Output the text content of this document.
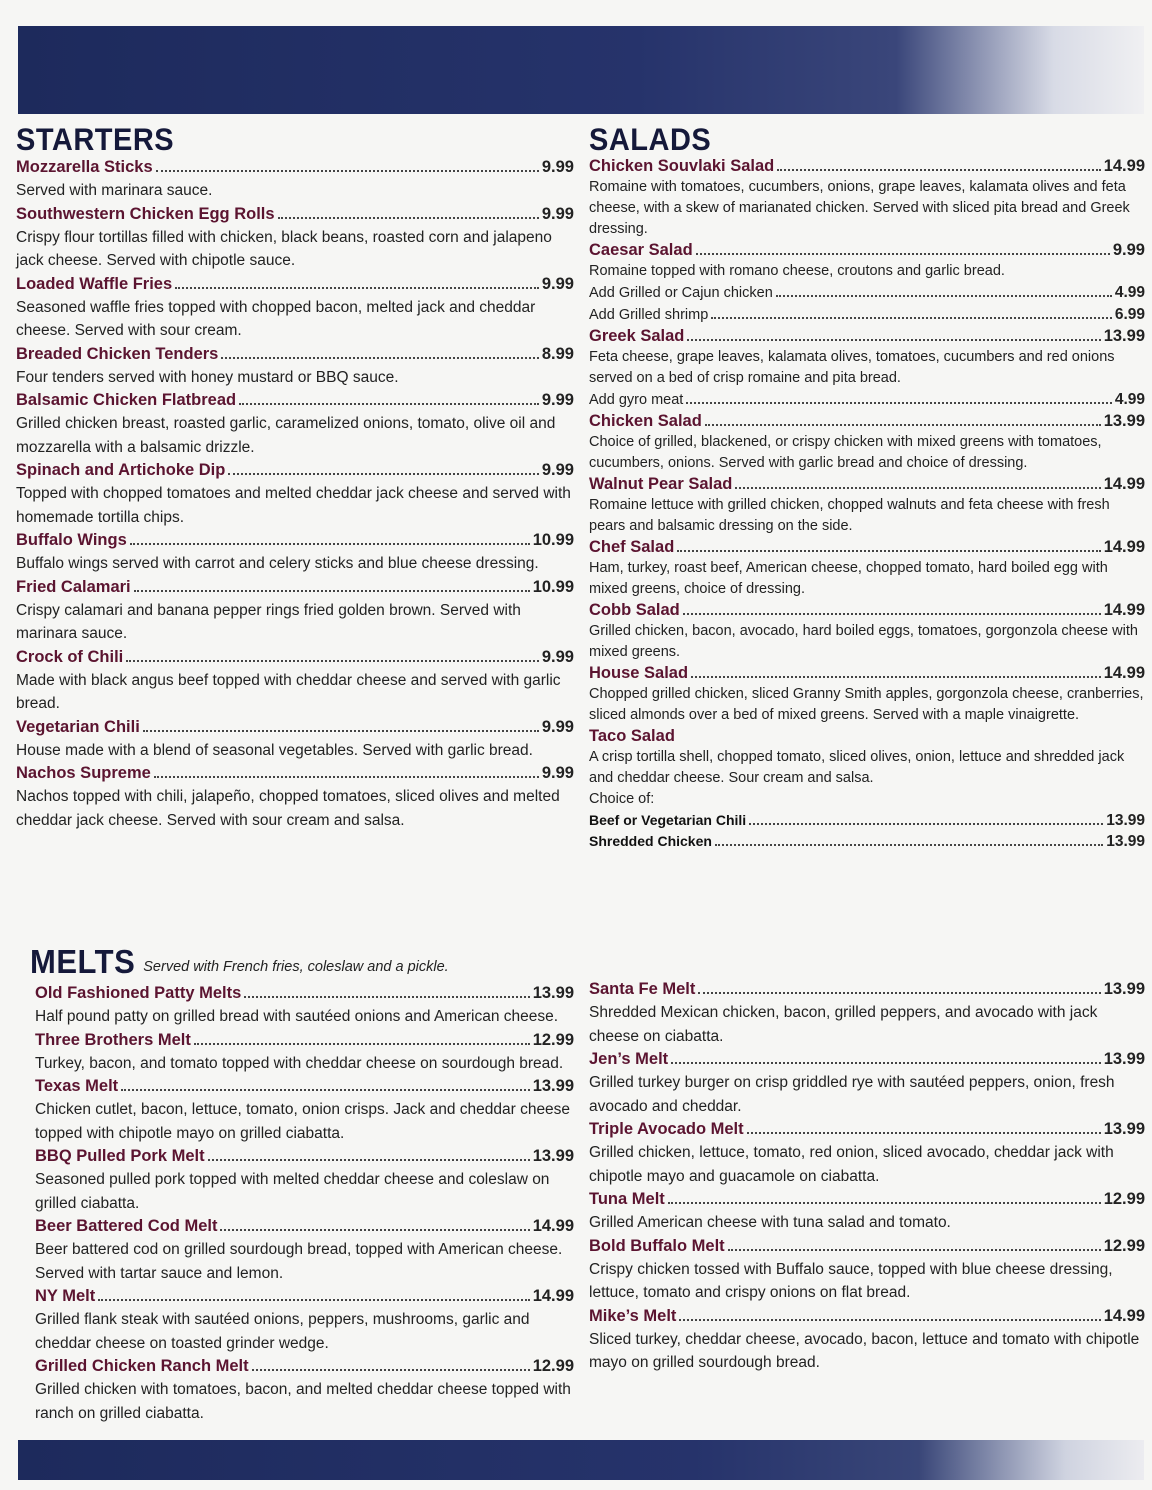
STARTERS
Mozzarella Sticks	9.99
Served with marinara sauce.
Southwestern Chicken Egg Rolls	9.99
Crispy flour tortillas filled with chicken, black beans, roasted corn and jalapeno jack cheese. Served with chipotle sauce.
Loaded Waffle Fries	9.99
Seasoned waffle fries topped with chopped bacon, melted jack and cheddar cheese. Served with sour cream.
Breaded Chicken Tenders	8.99
Four tenders served with honey mustard or BBQ sauce.
Balsamic Chicken Flatbread	9.99
Grilled chicken breast, roasted garlic, caramelized onions, tomato, olive oil and mozzarella with a balsamic drizzle.
Spinach and Artichoke Dip	9.99
Topped with chopped tomatoes and melted cheddar jack cheese and served with homemade tortilla chips.
Buffalo Wings	10.99
Buffalo wings served with carrot and celery sticks and blue cheese dressing.
Fried Calamari	10.99
Crispy calamari and banana pepper rings fried golden brown. Served with marinara sauce.
Crock of Chili	9.99
Made with black angus beef topped with cheddar cheese and served with garlic bread.
Vegetarian Chili	9.99
House made with a blend of seasonal vegetables. Served with garlic bread.
Nachos Supreme	9.99
Nachos topped with chili, jalapeño, chopped tomatoes, sliced olives and melted cheddar jack cheese. Served with sour cream and salsa.
SALADS
Chicken Souvlaki Salad	14.99
Romaine with tomatoes, cucumbers, onions, grape leaves, kalamata olives and feta cheese, with a skew of marianated chicken. Served with sliced pita bread and Greek dressing.
Caesar Salad	9.99
Romaine topped with romano cheese, croutons and garlic bread.
Add Grilled or Cajun chicken	4.99
Add Grilled shrimp	6.99
Greek Salad	13.99
Feta cheese, grape leaves, kalamata olives, tomatoes, cucumbers and red onions served on a bed of crisp romaine and pita bread.
Add gyro meat	4.99
Chicken Salad	13.99
Choice of grilled, blackened, or crispy chicken with mixed greens with tomatoes, cucumbers, onions. Served with garlic bread and choice of dressing.
Walnut Pear Salad	14.99
Romaine lettuce with grilled chicken, chopped walnuts and feta cheese with fresh pears and balsamic dressing on the side.
Chef Salad	14.99
Ham, turkey, roast beef, American cheese, chopped tomato, hard boiled egg with mixed greens, choice of dressing.
Cobb Salad	14.99
Grilled chicken, bacon, avocado, hard boiled eggs, tomatoes, gorgonzola cheese with mixed greens.
House Salad	14.99
Chopped grilled chicken, sliced Granny Smith apples, gorgonzola cheese, cranberries, sliced almonds over a bed of mixed greens. Served with a maple vinaigrette.
Taco Salad
A crisp tortilla shell, chopped tomato, sliced olives, onion, lettuce and shredded jack and cheddar cheese. Sour cream and salsa.
Choice of:
Beef or Vegetarian Chili	13.99
Shredded Chicken	13.99
MELTS Served with French fries, coleslaw and a pickle.
Old Fashioned Patty Melts	13.99
Half pound patty on grilled bread with sautéed onions and American cheese.
Three Brothers Melt	12.99
Turkey, bacon, and tomato topped with cheddar cheese on sourdough bread.
Texas Melt	13.99
Chicken cutlet, bacon, lettuce, tomato, onion crisps. Jack and cheddar cheese topped with chipotle mayo on grilled ciabatta.
BBQ Pulled Pork Melt	13.99
Seasoned pulled pork topped with melted cheddar cheese and coleslaw on grilled ciabatta.
Beer Battered Cod Melt	14.99
Beer battered cod on grilled sourdough bread, topped with American cheese. Served with tartar sauce and lemon.
NY Melt	14.99
Grilled flank steak with sautéed onions, peppers, mushrooms, garlic and cheddar cheese on toasted grinder wedge.
Grilled Chicken Ranch Melt	12.99
Grilled chicken with tomatoes, bacon, and melted cheddar cheese topped with ranch on grilled ciabatta.
Santa Fe Melt	13.99
Shredded Mexican chicken, bacon, grilled peppers, and avocado with jack cheese on ciabatta.
Jen’s Melt	13.99
Grilled turkey burger on crisp griddled rye with sautéed peppers, onion, fresh avocado and cheddar.
Triple Avocado Melt	13.99
Grilled chicken, lettuce, tomato, red onion, sliced avocado, cheddar jack with chipotle mayo and guacamole on ciabatta.
Tuna Melt	12.99
Grilled American cheese with tuna salad and tomato.
Bold Buffalo Melt	12.99
Crispy chicken tossed with Buffalo sauce, topped with blue cheese dressing, lettuce, tomato and crispy onions on flat bread.
Mike’s Melt	14.99
Sliced turkey, cheddar cheese, avocado, bacon, lettuce and tomato with chipotle mayo on grilled sourdough bread.
